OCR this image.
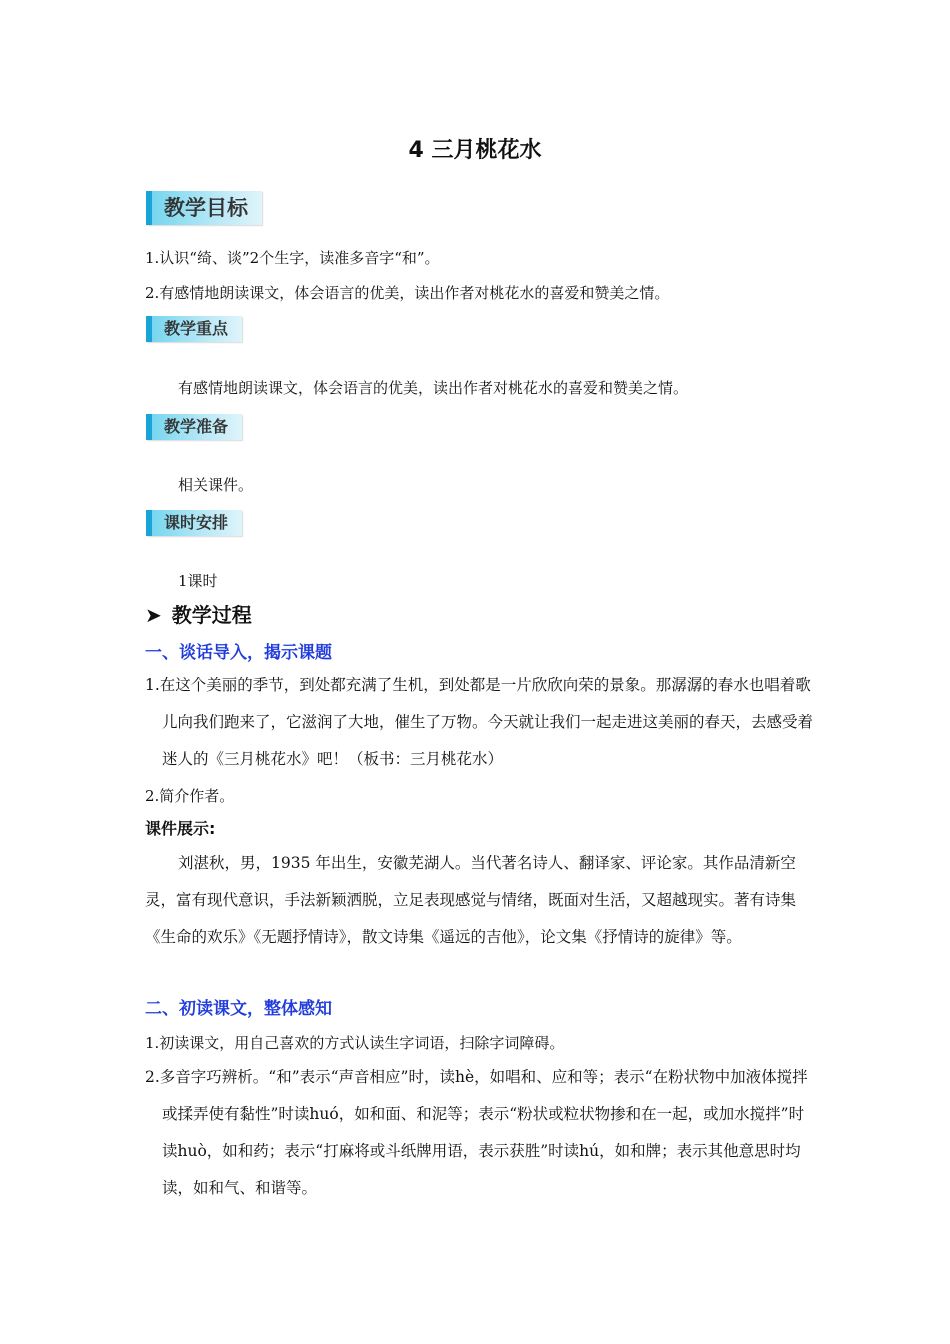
4 三月桃花水
教学目标
1.认识“绮、谈”2个生字，读准多音字“和”。
2.有感情地朗读课文，体会语言的优美，读出作者对桃花水的喜爱和赞美之情。
教学重点
有感情地朗读课文，体会语言的优美，读出作者对桃花水的喜爱和赞美之情。
教学准备
相关课件。
课时安排
1课时
➤ 教学过程
一、谈话导入，揭示课题
1.在这个美丽的季节，到处都充满了生机，到处都是一片欣欣向荣的景象。那潺潺的春水也唱着歌儿向我们跑来了，它滋润了大地，催生了万物。今天就让我们一起走进这美丽的春天，去感受着迷人的《三月桃花水》吧！（板书：三月桃花水）
2.简介作者。
课件展示:
刘湛秋，男，1935 年出生，安徽芜湖人。当代著名诗人、翻译家、评论家。其作品清新空灵，富有现代意识，手法新颖洒脱，立足表现感觉与情绪，既面对生活，又超越现实。著有诗集《生命的欢乐》《无题抒情诗》，散文诗集《遥远的吉他》，论文集《抒情诗的旋律》等。
二、初读课文，整体感知
1.初读课文，用自己喜欢的方式认读生字词语，扫除字词障碍。
2.多音字巧辨析。“和”表示“声音相应”时，读hè，如唱和、应和等；表示“在粉状物中加液体搅拌或揉弄使有黏性”时读huó，如和面、和泥等；表示“粉状或粒状物掺和在一起，或加水搅拌”时读huò，如和药；表示“打麻将或斗纸牌用语，表示获胜”时读hú，如和牌；表示其他意思时均读，如和气、和谐等。
